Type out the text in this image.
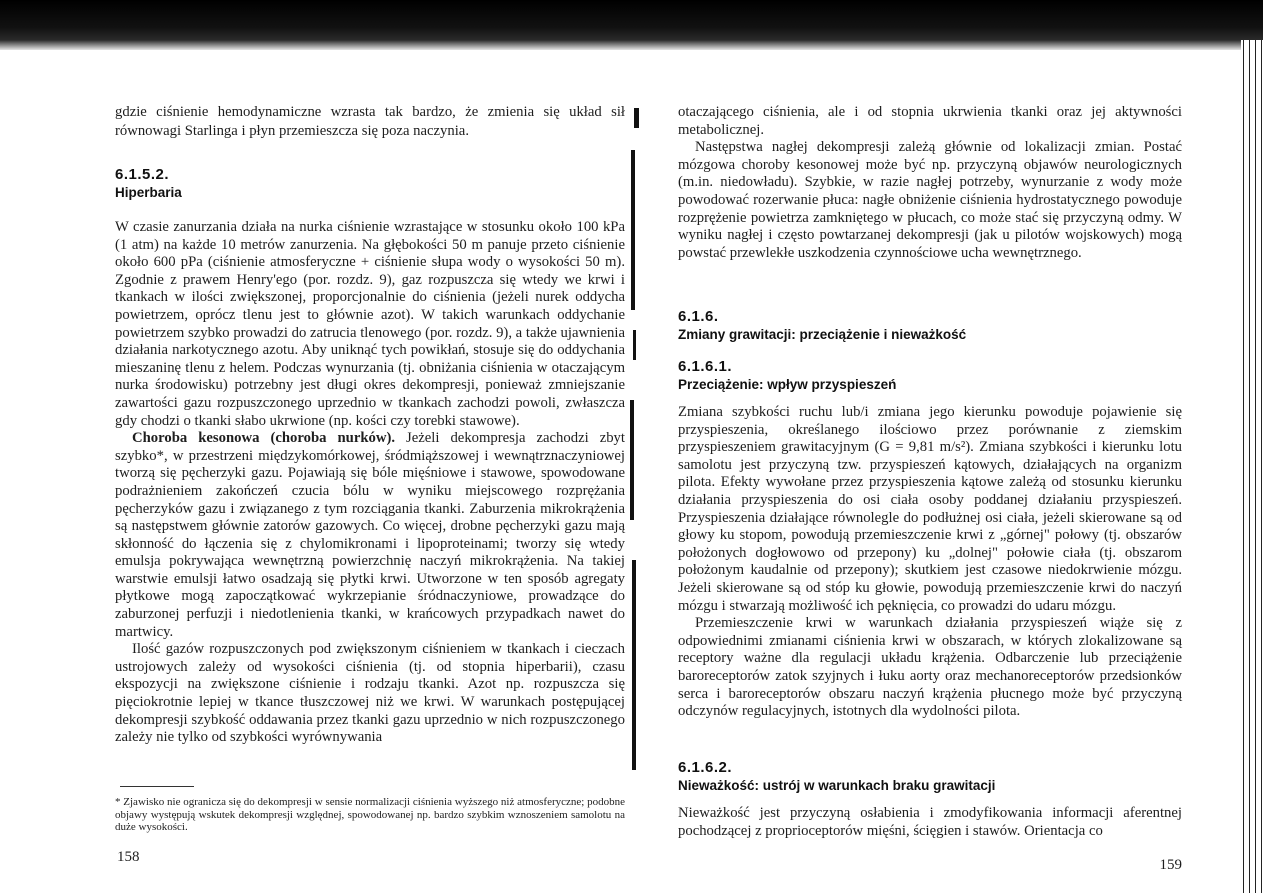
gdzie ciśnienie hemodynamiczne wzrasta tak bardzo, że zmienia się układ sił równowagi Starlinga i płyn przemieszcza się poza naczynia.

6.1.5.2.
Hiperbaria

W czasie zanurzania działa na nurka ciśnienie wzrastające w stosunku około 100 kPa (1 atm) na każde 10 metrów zanurzenia. Na głębokości 50 m panuje przeto ciśnienie około 600 pPa (ciśnienie atmosferyczne + ciśnienie słupa wody o wysokości 50 m). Zgodnie z prawem Henry'ego (por. rozdz. 9), gaz rozpuszcza się wtedy we krwi i tkankach w ilości zwiększonej, proporcjonalnie do ciśnienia (jeżeli nurek oddycha powietrzem, oprócz tlenu jest to głównie azot). W takich warunkach oddychanie powietrzem szybko prowadzi do zatrucia tlenowego (por. rozdz. 9), a także ujawnienia działania narkotycznego azotu. Aby uniknąć tych powikłań, stosuje się do oddychania mieszaninę tlenu z helem. Podczas wynurzania (tj. obniżania ciśnienia w otaczającym nurka środowisku) potrzebny jest długi okres dekompresji, ponieważ zmniejszanie zawartości gazu rozpuszczonego uprzednio w tkankach zachodzi powoli, zwłaszcza gdy chodzi o tkanki słabo ukrwione (np. kości czy torebki stawowe).

Choroba kesonowa (choroba nurków). Jeżeli dekompresja zachodzi zbyt szybko*, w przestrzeni międzykomórkowej, śródmiąższowej i wewnątrznaczyniowej tworzą się pęcherzyki gazu. Pojawiają się bóle mięśniowe i stawowe, spowodowane podrażnieniem zakończeń czucia bólu w wyniku miejscowego rozprężania pęcherzyków gazu i związanego z tym rozciągania tkanki. Zaburzenia mikrokrążenia są następstwem głównie zatorów gazowych. Co więcej, drobne pęcherzyki gazu mają skłonność do łączenia się z chylomikronami i lipoproteinami; tworzy się wtedy emulsja pokrywająca wewnętrzną powierzchnię naczyń mikrokrążenia. Na takiej warstwie emulsji łatwo osadzają się płytki krwi. Utworzone w ten sposób agregaty płytkowe mogą zapoczątkować wykrzepianie śródnaczyniowe, prowadzące do zaburzonej perfuzji i niedotlenienia tkanki, w krańcowych przypadkach nawet do martwicy.

Ilość gazów rozpuszczonych pod zwiększonym ciśnieniem w tkankach i cieczach ustrojowych zależy od wysokości ciśnienia (tj. od stopnia hiperbarii), czasu ekspozycji na zwiększone ciśnienie i rodzaju tkanki. Azot np. rozpuszcza się pięciokrotnie lepiej w tkance tłuszczowej niż we krwi. W warunkach postępującej dekompresji szybkość oddawania przez tkanki gazu uprzednio w nich rozpuszczonego zależy nie tylko od szybkości wyrównywania

* Zjawisko nie ogranicza się do dekompresji w sensie normalizacji ciśnienia wyższego niż atmosferyczne; podobne objawy występują wskutek dekompresji względnej, spowodowanej np. bardzo szybkim wznoszeniem samolotu na duże wysokości.

158

otaczającego ciśnienia, ale i od stopnia ukrwienia tkanki oraz jej aktywności metabolicznej.

Następstwa nagłej dekompresji zależą głównie od lokalizacji zmian. Postać mózgowa choroby kesonowej może być np. przyczyną objawów neurologicznych (m.in. niedowładu). Szybkie, w razie nagłej potrzeby, wynurzanie z wody może powodować rozerwanie płuca: nagłe obniżenie ciśnienia hydrostatycznego powoduje rozprężenie powietrza zamkniętego w płucach, co może stać się przyczyną odmy. W wyniku nagłej i często powtarzanej dekompresji (jak u pilotów wojskowych) mogą powstać przewlekłe uszkodzenia czynnościowe ucha wewnętrznego.

6.1.6.
Zmiany grawitacji: przeciążenie i nieważkość
6.1.6.1.
Przeciążenie: wpływ przyspieszeń

Zmiana szybkości ruchu lub/i zmiana jego kierunku powoduje pojawienie się przyspieszenia, określanego ilościowo przez porównanie z ziemskim przyspieszeniem grawitacyjnym (G = 9,81 m/s²). Zmiana szybkości i kierunku lotu samolotu jest przyczyną tzw. przyspieszeń kątowych, działających na organizm pilota. Efekty wywołane przez przyspieszenia kątowe zależą od stosunku kierunku działania przyspieszenia do osi ciała osoby poddanej działaniu przyspieszeń. Przyspieszenia działające równolegle do podłużnej osi ciała, jeżeli skierowane są od głowy ku stopom, powodują przemieszczenie krwi z „górnej" połowy (tj. obszarów położonych dogłowowo od przepony) ku „dolnej" połowie ciała (tj. obszarom położonym kaudalnie od przepony); skutkiem jest czasowe niedokrwienie mózgu. Jeżeli skierowane są od stóp ku głowie, powodują przemieszczenie krwi do naczyń mózgu i stwarzają możliwość ich pęknięcia, co prowadzi do udaru mózgu.

Przemieszczenie krwi w warunkach działania przyspieszeń wiąże się z odpowiednimi zmianami ciśnienia krwi w obszarach, w których zlokalizowane są receptory ważne dla regulacji układu krążenia. Odbarczenie lub przeciążenie baroreceptorów zatok szyjnych i łuku aorty oraz mechanoreceptorów przedsionków serca i baroreceptorów obszaru naczyń krążenia płucnego może być przyczyną odczynów regulacyjnych, istotnych dla wydolności pilota.

6.1.6.2.
Nieważkość: ustrój w warunkach braku grawitacji

Nieważkość jest przyczyną osłabienia i zmodyfikowania informacji aferentnej pochodzącej z proprioceptorów mięśni, ścięgien i stawów. Orientacja co

159
